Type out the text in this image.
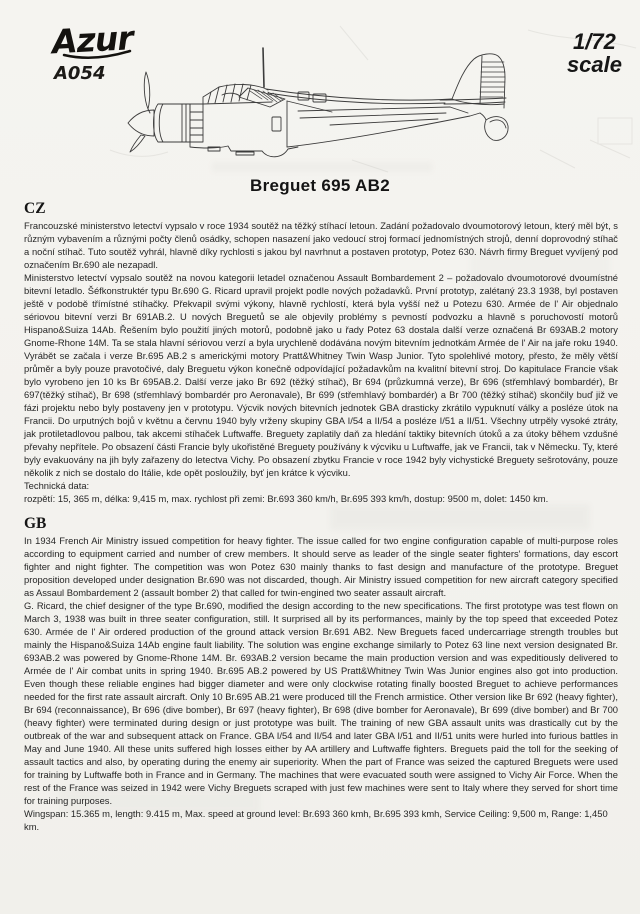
Azur
A054
1/72
scale
Breguet 695 AB2
CZ

Francouzské ministerstvo letectví vypsalo v roce 1934 soutěž na těžký stíhací letoun. Zadání požadovalo dvoumotorový letoun, který měl být, s různým vybavením a různými počty členů osádky, schopen nasazení jako vedoucí stroj formací jednomístných strojů, denní doprovodný stíhač a noční stíhač. Tuto soutěž vyhrál, hlavně díky rychlosti s jakou byl navrhnut a postaven prototyp, Potez 630. Návrh firmy Breguet vyvíjený pod označením Br.690 ale nezapadl.

Ministerstvo letectví vypsalo soutěž na novou kategorii letadel označenou Assault Bombardement 2 – požadovalo dvoumotorové dvoumístné bitevní letadlo. Šéfkonstruktér typu Br.690 G. Ricard upravil projekt podle nových požadavků. První prototyp, zalétaný 23.3 1938, byl postaven ještě v podobě třímístné stíhačky. Překvapil svými výkony, hlavně rychlostí, která byla vyšší než u Potezu 630. Armée de l' Air objednalo sériovou bitevní verzi Br 691AB.2. U nových Breguetů se ale objevily problémy s pevností podvozku a hlavně s poruchovostí motorů Hispano&Suiza 14Ab. Řešením bylo použití jiných motorů, podobně jako u řady Potez 63 dostala další verze označená Br 693AB.2 motory Gnome-Rhone 14M. Ta se stala hlavní sériovou verzí a byla urychleně dodávána novým bitevním jednotkám Armée de l' Air na jaře roku 1940. Vyrábět se začala i verze Br.695 AB.2 s americkými motory Pratt&Whitney Twin Wasp Junior. Tyto spolehlivé motory, přesto, že měly větší průměr a byly pouze pravotočivé, daly Breguetu výkon konečně odpovídající požadavkům na kvalitní bitevní stroj. Do kapitulace Francie však bylo vyrobeno jen 10 ks Br 695AB.2. Další verze jako Br 692 (těžký stíhač), Br 694 (průzkumná verze), Br 696 (střemhlavý bombardér), Br 697(těžký stíhač), Br 698 (střemhlavý bombardér pro Aeronavale), Br 699 (střemhlavý bombardér) a Br 700 (těžký stíhač) skončily buď již ve fázi projektu nebo byly postaveny jen v prototypu. Výcvik nových bitevních jednotek GBA drasticky zkrátilo vypuknutí války a posléze útok na Francii. Do urputných bojů v květnu a červnu 1940 byly vrženy skupiny GBA I/54 a II/54 a posléze I/51 a II/51. Všechny utrpěly vysoké ztráty, jak protiletadlovou palbou, tak akcemi stíhaček Luftwaffe. Breguety zaplatily daň za hledání taktiky bitevních útoků a za útoky během vzdušné převahy nepřítele. Po obsazení části Francie byly ukořistěné Breguety používány k výcviku u Luftwaffe, jak ve Francii, tak v Německu. Ty, které byly evakuovány na jih byly zařazeny do letectva Vichy. Po obsazení zbytku Francie v roce 1942 byly vichystické Breguety sešrotovány, pouze několik z nich se dostalo do Itálie, kde opět posloužily, byť jen krátce k výcviku.

Technická data:

rozpětí: 15, 365 m, délka: 9,415 m, max. rychlost při zemi: Br.693 360 km/h, Br.695 393 km/h, dostup: 9500 m, dolet: 1450 km.

GB

In 1934 French Air Ministry issued competition for heavy fighter. The issue called for two engine configuration capable of multi-purpose roles according to equipment carried and number of crew members. It should serve as leader of the single seater fighters' formations, day escort fighter and night fighter. The competition was won Potez 630 mainly thanks to fast design and manufacture of the prototype. Breguet proposition developed under designation Br.690 was not discarded, though. Air Ministry issued competition for new aircraft category specified as Assaul Bombardement 2 (assault bomber 2) that called for twin-engined two seater assault aircraft.

G. Ricard, the chief designer of the type Br.690, modified the design according to the new specifications. The first prototype was test flown on March 3, 1938 was built in three seater configuration, still. It surprised all by its performances, mainly by the top speed that exceeded Potez 630. Armée de l' Air ordered production of the ground attack version Br.691 AB2. New Breguets faced undercarriage strength troubles but mainly the Hispano&Suiza 14Ab engine fault liability. The solution was engine exchange similarly to Potez 63 line next version designated Br. 693AB.2 was powered by Gnome-Rhone 14M. Br. 693AB.2 version became the main production version and was expeditiously delivered to Armée de l' Air combat units in spring 1940. Br.695 AB.2 powered by US Pratt&Whitney Twin Was Junior engines also got into production. Even though these reliable engines had bigger diameter and were only clockwise rotating finally boosted Breguet to achieve performances needed for the first rate assault aircraft. Only 10 Br.695 AB.21 were produced till the French armistice. Other version like Br 692 (heavy fighter), Br 694 (reconnaissance), Br 696 (dive bomber), Br 697 (heavy fighter), Br 698 (dive bomber for Aeronavale), Br 699 (dive bomber) and Br 700 (heavy fighter) were terminated during design or just prototype was built. The training of new GBA assault units was drastically cut by the outbreak of the war and subsequent attack on France. GBA I/54 and II/54 and later GBA I/51 and II/51 units were hurled into furious battles in May and June 1940. All these units suffered high losses either by AA artillery and Luftwaffe fighters. Breguets paid the toll for the seeking of assault tactics and also, by operating during the enemy air superiority. When the part of France was seized the captured Breguets were used for training by Luftwaffe both in France and in Germany. The machines that were evacuated south were assigned to Vichy Air Force. When the rest of the France was seized in 1942 were Vichy Breguets scraped with just few machines were sent to Italy where they served for short time for training purposes.

Wingspan: 15.365 m, length: 9.415 m, Max. speed at ground level: Br.693 360 kmh, Br.695 393 kmh, Service Ceiling: 9,500 m, Range: 1,450 km.
